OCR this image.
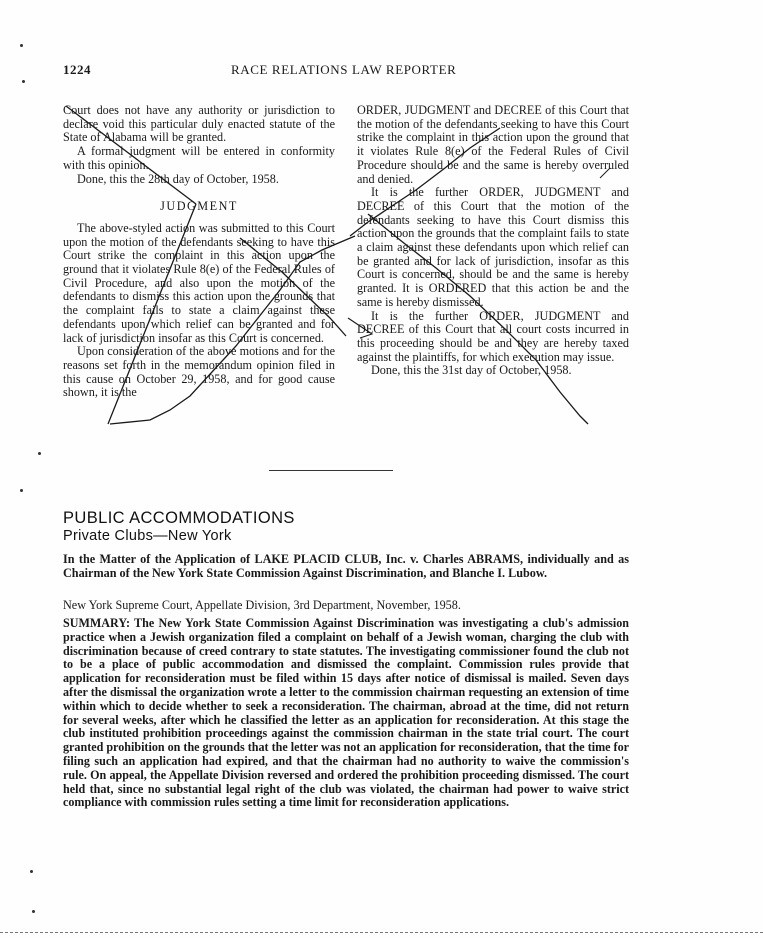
1224	RACE RELATIONS LAW REPORTER

Court does not have any authority or jurisdiction to declare void this particular duly enacted statute of the State of Alabama will be granted.

A formal judgment will be entered in conformity with this opinion.

Done, this the 28th day of October, 1958.

JUDGMENT

The above-styled action was submitted to this Court upon the motion of the defendants seeking to have this Court strike the complaint in this action upon the ground that it violates Rule 8(e) of the Federal Rules of Civil Procedure, and also upon the motion of the defendants to dismiss this action upon the grounds that the complaint fails to state a claim against these defendants upon which relief can be granted and for lack of jurisdiction insofar as this Court is concerned.

Upon consideration of the above motions and for the reasons set forth in the memorandum opinion filed in this cause on October 29, 1958, and for good cause shown, it is the

ORDER, JUDGMENT and DECREE of this Court that the motion of the defendants seeking to have this Court strike the complaint in this action upon the ground that it violates Rule 8(e) of the Federal Rules of Civil Procedure should be and the same is hereby overruled and denied.

It is the further ORDER, JUDGMENT and DECREE of this Court that the motion of the defendants seeking to have this Court dismiss this action upon the grounds that the complaint fails to state a claim against these defendants upon which relief can be granted and for lack of jurisdiction, insofar as this Court is concerned, should be and the same is hereby granted. It is ORDERED that this action be and the same is hereby dismissed.

It is the further ORDER, JUDGMENT and DECREE of this Court that all court costs incurred in this proceeding should be and they are hereby taxed against the plaintiffs, for which execution may issue.

Done, this the 31st day of October, 1958.

PUBLIC ACCOMMODATIONS
Private Clubs—New York
In the Matter of the Application of LAKE PLACID CLUB, Inc. v. Charles ABRAMS, individually and as Chairman of the New York State Commission Against Discrimination, and Blanche I. Lubow.
New York Supreme Court, Appellate Division, 3rd Department, November, 1958.
SUMMARY: The New York State Commission Against Discrimination was investigating a club's admission practice when a Jewish organization filed a complaint on behalf of a Jewish woman, charging the club with discrimination because of creed contrary to state statutes. The investigating commissioner found the club not to be a place of public accommodation and dismissed the complaint. Commission rules provide that application for reconsideration must be filed within 15 days after notice of dismissal is mailed. Seven days after the dismissal the organization wrote a letter to the commission chairman requesting an extension of time within which to decide whether to seek a reconsideration. The chairman, abroad at the time, did not return for several weeks, after which he classified the letter as an application for reconsideration. At this stage the club instituted prohibition proceedings against the commission chairman in the state trial court. The court granted prohibition on the grounds that the letter was not an application for reconsideration, that the time for filing such an application had expired, and that the chairman had no authority to waive the commission's rule. On appeal, the Appellate Division reversed and ordered the prohibition proceeding dismissed. The court held that, since no substantial legal right of the club was violated, the chairman had power to waive strict compliance with commission rules setting a time limit for reconsideration applications.
